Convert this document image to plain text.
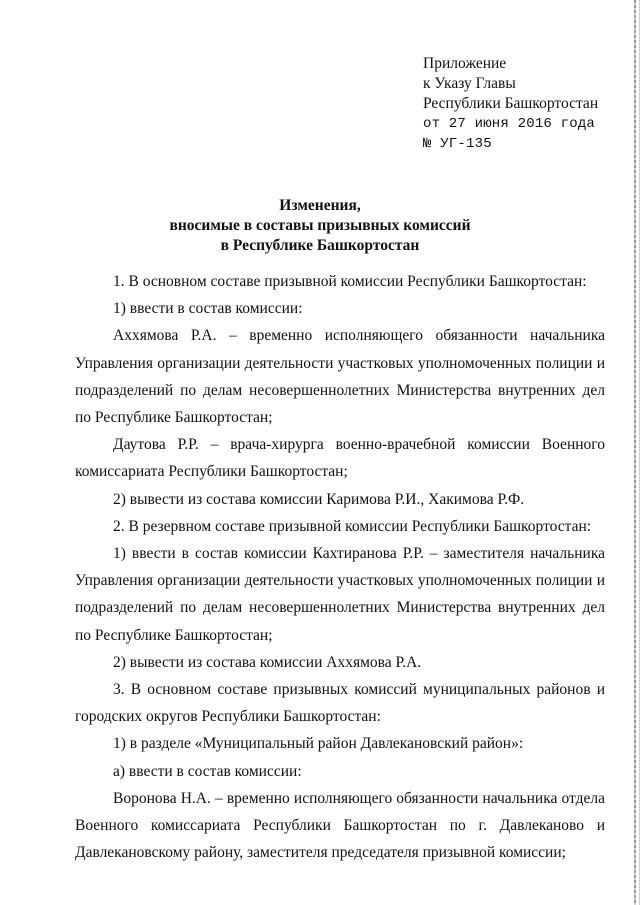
Приложение
к Указу Главы
Республики Башкортостан
от 27 июня 2016 года
№ УГ-135
Изменения,
вносимые в составы призывных комиссий
в Республике Башкортостан

1. В основном составе призывной комиссии Республики Башкортостан:

1) ввести в состав комиссии:

Аххямова Р.А. – временно исполняющего обязанности начальника Управления организации деятельности участковых уполномоченных полиции и подразделений по делам несовершеннолетних Министерства внутренних дел по Республике Башкортостан;

Даутова Р.Р. – врача-хирурга военно-врачебной комиссии Военного комиссариата Республики Башкортостан;

2) вывести из состава комиссии Каримова Р.И., Хакимова Р.Ф.

2. В резервном составе призывной комиссии Республики Башкортостан:

1) ввести в состав комиссии Кахтиранова Р.Р. – заместителя начальника Управления организации деятельности участковых уполномоченных полиции и подразделений по делам несовершеннолетних Министерства внутренних дел по Республике Башкортостан;

2) вывести из состава комиссии Аххямова Р.А.

3. В основном составе призывных комиссий муниципальных районов и городских округов Республики Башкортостан:

1) в разделе «Муниципальный район Давлекановский район»:

а) ввести в состав комиссии:

Воронова Н.А. – временно исполняющего обязанности начальника отдела Военного комиссариата Республики Башкортостан по г. Давлеканово и Давлекановскому району, заместителя председателя призывной комиссии;
